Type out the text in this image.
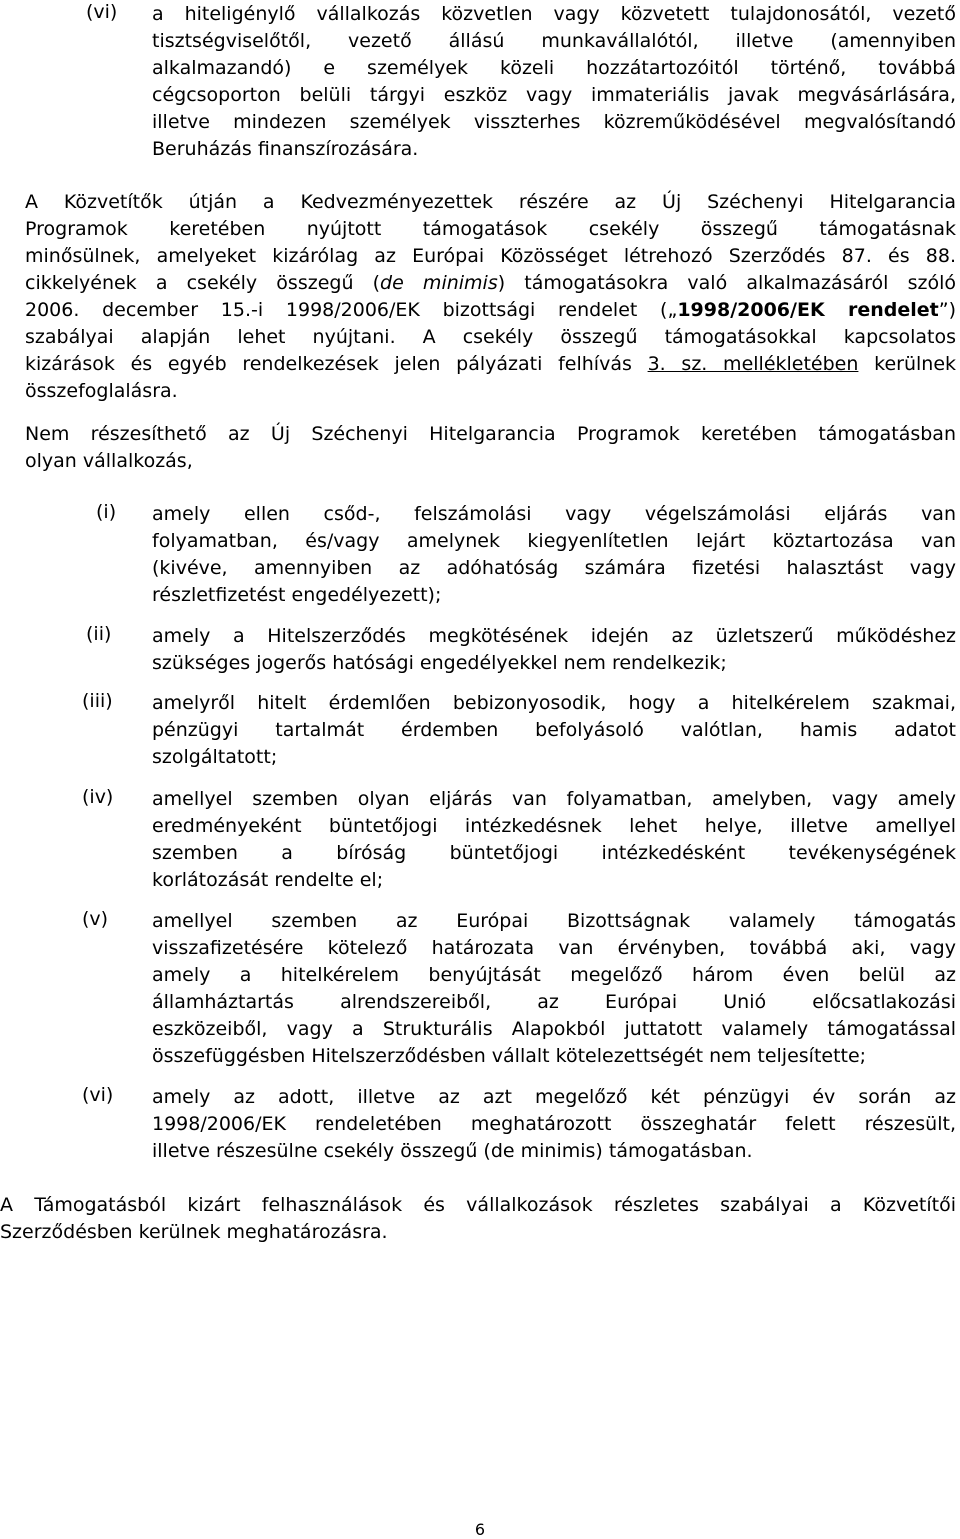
(vi) a hiteligénylő vállalkozás közvetlen vagy közvetett tulajdonosától, vezető
tisztségviselőtől, vezető állású munkavállalótól, illetve (amennyiben
alkalmazandó) e személyek közeli hozzátartozóitól történő, továbbá
cégcsoporton belüli tárgyi eszköz vagy immateriális javak megvásárlására,
illetve mindezen személyek visszterhes közreműködésével megvalósítandó
Beruházás finanszírozására.
A Közvetítők útján a Kedvezményezettek részére az Új Széchenyi Hitelgarancia
Programok keretében nyújtott támogatások csekély összegű támogatásnak
minősülnek, amelyeket kizárólag az Európai Közösséget létrehozó Szerződés 87. és 88.
cikkelyének a csekély összegű (de minimis) támogatásokra való alkalmazásáról szóló
2006. december 15.-i 1998/2006/EK bizottsági rendelet („1998/2006/EK rendelet”)
szabályai alapján lehet nyújtani. A csekély összegű támogatásokkal kapcsolatos
kizárások és egyéb rendelkezések jelen pályázati felhívás 3. sz. mellékletében kerülnek
összefoglalásra.
Nem részesíthető az Új Széchenyi Hitelgarancia Programok keretében támogatásban
olyan vállalkozás,
(i) amely ellen csőd-, felszámolási vagy végelszámolási eljárás van
folyamatban, és/vagy amelynek kiegyenlítetlen lejárt köztartozása van
(kivéve, amennyiben az adóhatóság számára fizetési halasztást vagy
részletfizetést engedélyezett);
(ii) amely a Hitelszerződés megkötésének idején az üzletszerű működéshez
szükséges jogerős hatósági engedélyekkel nem rendelkezik;
(iii) amelyről hitelt érdemlően bebizonyosodik, hogy a hitelkérelem szakmai,
pénzügyi tartalmát érdemben befolyásoló valótlan, hamis adatot
szolgáltatott;
(iv) amellyel szemben olyan eljárás van folyamatban, amelyben, vagy amely
eredményeként büntetőjogi intézkedésnek lehet helye, illetve amellyel
szemben a bíróság büntetőjogi intézkedésként tevékenységének
korlátozását rendelte el;
(v) amellyel szemben az Európai Bizottságnak valamely támogatás
visszafizetésére kötelező határozata van érvényben, továbbá aki, vagy
amely a hitelkérelem benyújtását megelőző három éven belül az
államháztartás alrendszereiből, az Európai Unió előcsatlakozási
eszközeiből, vagy a Strukturális Alapokból juttatott valamely támogatással
összefüggésben Hitelszerződésben vállalt kötelezettségét nem teljesítette;
(vi) amely az adott, illetve az azt megelőző két pénzügyi év során az
1998/2006/EK rendeletében meghatározott összeghatár felett részesült,
illetve részesülne csekély összegű (de minimis) támogatásban.
A Támogatásból kizárt felhasználások és vállalkozások részletes szabályai a Közvetítői
Szerződésben kerülnek meghatározásra.
6
